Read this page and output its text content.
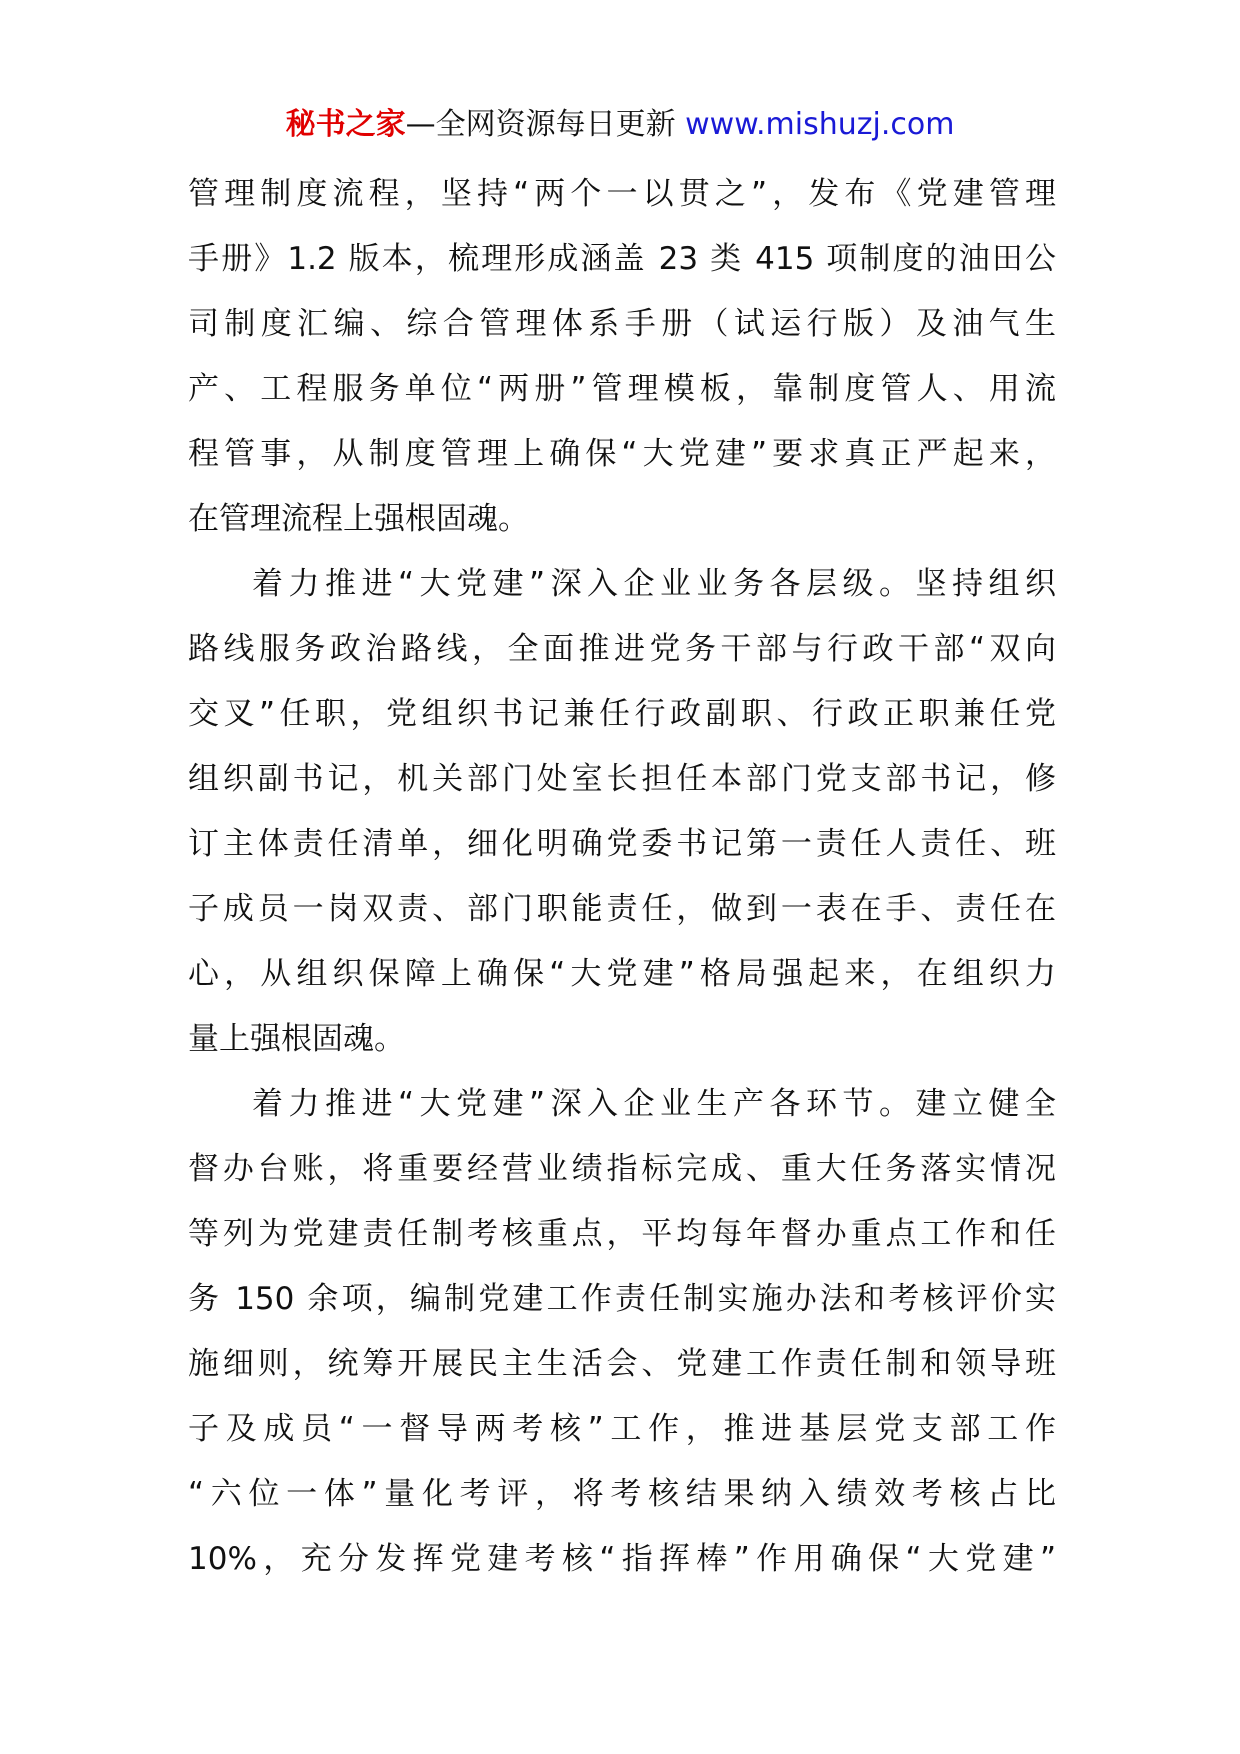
秘书之家—全网资源每日更新 www.mishuzj.com
管理制度流程，坚持“两个一以贯之”，发布《党建管理
手册》1.2 版本，梳理形成涵盖 23 类 415 项制度的油田公
司制度汇编、综合管理体系手册（试运行版）及油气生
产、工程服务单位“两册”管理模板，靠制度管人、用流
程管事，从制度管理上确保“大党建”要求真正严起来，
在管理流程上强根固魂。
着力推进“大党建”深入企业业务各层级。坚持组织
路线服务政治路线，全面推进党务干部与行政干部“双向
交叉”任职，党组织书记兼任行政副职、行政正职兼任党
组织副书记，机关部门处室长担任本部门党支部书记，修
订主体责任清单，细化明确党委书记第一责任人责任、班
子成员一岗双责、部门职能责任，做到一表在手、责任在
心，从组织保障上确保“大党建”格局强起来，在组织力
量上强根固魂。
着力推进“大党建”深入企业生产各环节。建立健全
督办台账，将重要经营业绩指标完成、重大任务落实情况
等列为党建责任制考核重点，平均每年督办重点工作和任
务 150 余项，编制党建工作责任制实施办法和考核评价实
施细则，统筹开展民主生活会、党建工作责任制和领导班
子及成员“一督导两考核”工作，推进基层党支部工作
“六位一体”量化考评，将考核结果纳入绩效考核占比
10%，充分发挥党建考核“指挥棒”作用确保“大党建”
